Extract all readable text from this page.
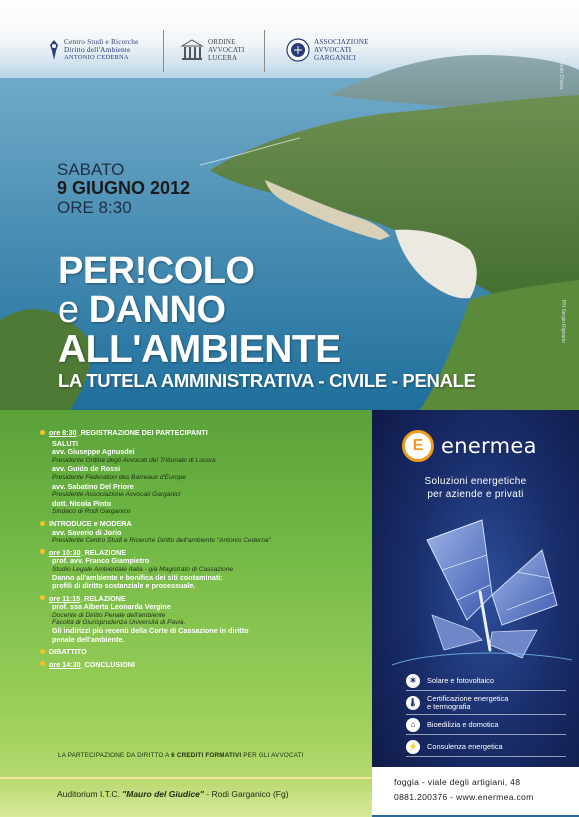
Centro Studi e Ricerche
Diritto dell'Ambiente
ANTONIO CEDERNA
ORDINE
AVVOCATI
LUCERA
ASSOCIAZIONE
AVVOCATI
GARGANICI
Photo Chiara
PH Sergio Rignano
SABATO
9 GIUGNO 2012
ORE 8:30
PER!COLO
e DANNO
ALL'AMBIENTE
LA TUTELA AMMINISTRATIVA - CIVILE - PENALE
ore 8:30_REGISTRAZIONE DEI PARTECIPANTI
SALUTI
avv. Giuseppe Agnusdei
Presidente Ordine degli Avvocati del Tribunale di Lucera
avv. Guido de Rossi
Presidente Federation des Barreaux d'Europe
avv. Sabatino Del Priore
Presidente Associazione Avvocati Garganici
dott. Nicola Pinto
Sindaco di Rodi Garganico
INTRODUCE e MODERA
avv. Saverio di Jorio
Presidente Centro Studi e Ricerche Diritto dell'ambiente "Antonio Cederna"
ore 10:30_RELAZIONE
prof. avv. Franco Giampietro
Studio Legale Ambientale Italia - già Magistrato di Cassazione
Danno all'ambiente e bonifica dei siti contaminati:
profili di diritto sostanziale e processuale.
ore 11:15_RELAZIONE
prof. ssa Alberta Leonarda Vergine
Docente di Diritto Penale dell'ambiente
Facoltà di Giurisprudenza Università di Pavia.
Gli indirizzi più recenti della Corte di Cassazione in diritto
penale dell'ambiente.
DIBATTITO
ore 14:30_CONCLUSIONI
LA PARTECIPAZIONE DA DIRITTO A 6 CREDITI FORMATIVI PER GLI AVVOCATI
Auditorium I.T.C. "Mauro del Giudice" - Rodi Garganico (Fg)
E enermea
Soluzioni energetiche
per aziende e privati
☀	Solare e fotovoltaico
🌡 Certificazione energetica
e termografia
⌂	Bioedilizia e domotica
⚡ Consulenza energetica
foggia - viale degli artigiani, 48
0881.200376 - www.enermea.com
